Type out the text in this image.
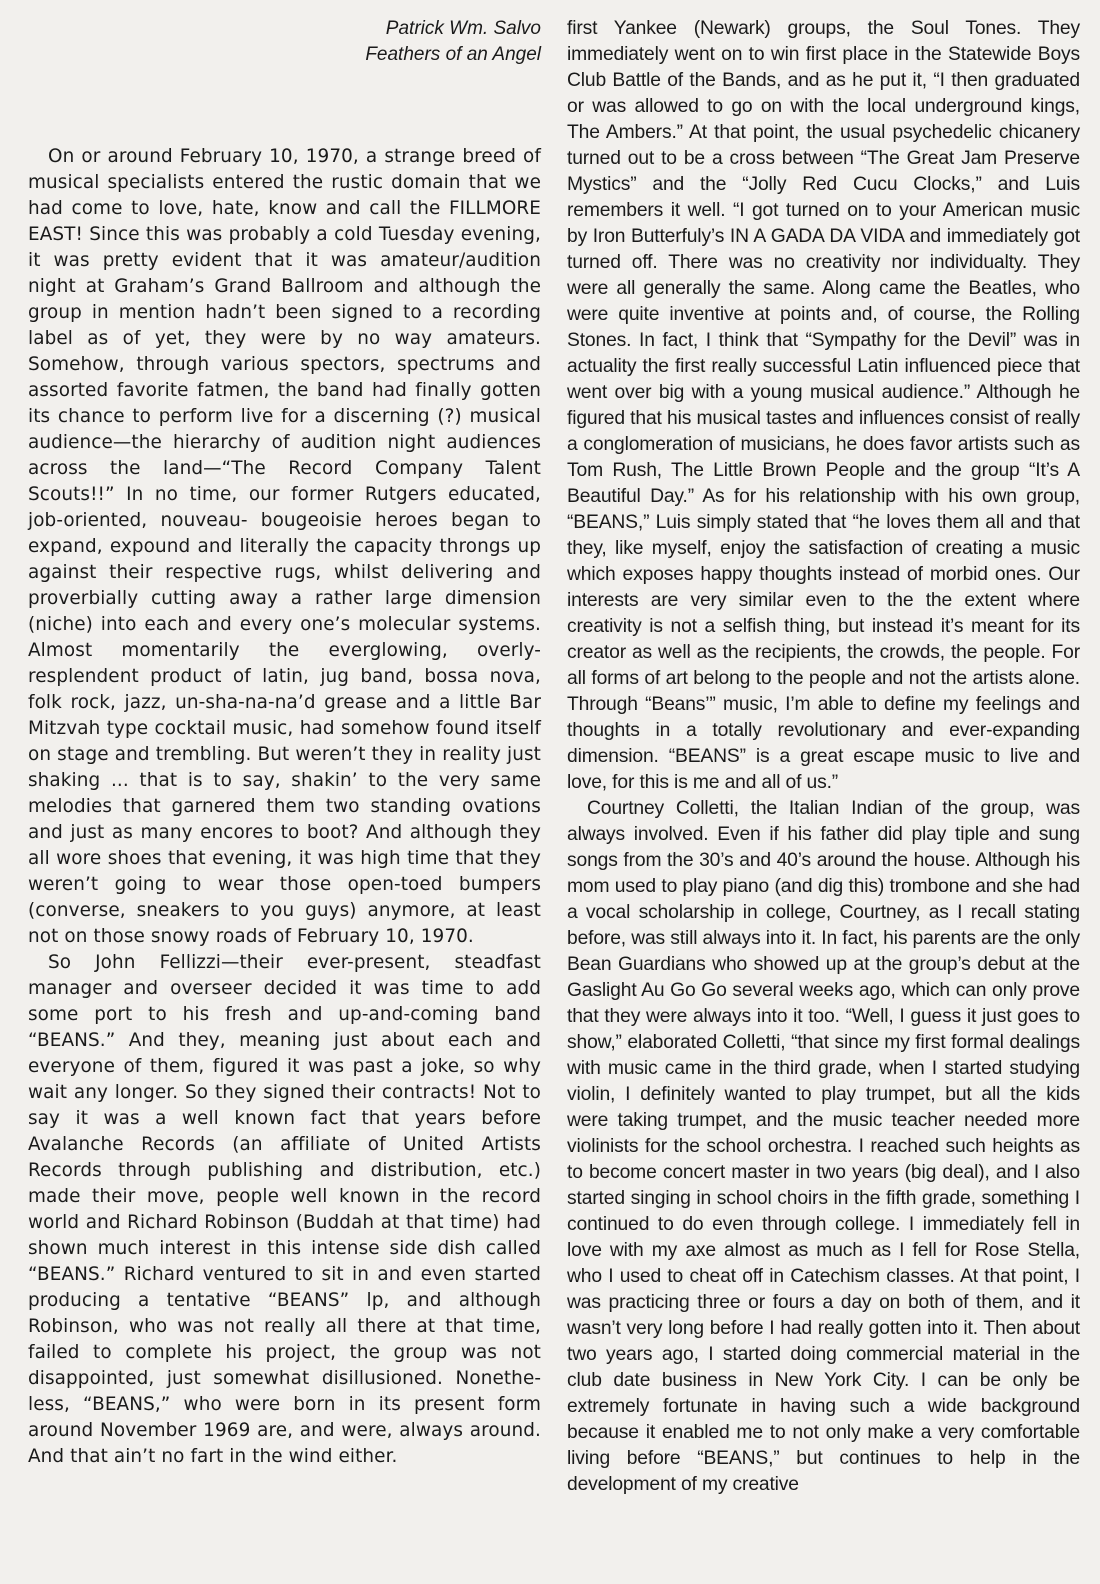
Patrick Wm. Salvo
Feathers of an Angel

On or around February 10, 1970, a strange breed of musical specialists entered the rustic domain that we had come to love, hate, know and call the FILLMORE EAST! Since this was probably a cold Tuesday evening, it was pretty evident that it was amateur/audition night at Graham’s Grand Ballroom and although the group in mention hadn’t been signed to a recording label as of yet, they were by no way amateurs. Somehow, through various spectors, spectrums and assorted favorite fatmen, the band had finally gotten its chance to perform live for a discerning (?) musical audience—the hierarchy of audition night audiences across the land—“The Record Company Talent Scouts!!” In no time, our former Rutgers educated, job-oriented, nouveau- bougeoisie heroes began to expand, expound and literally the capacity throngs up against their respective rugs, whilst delivering and proverbially cutting away a rather large dimension (niche) into each and every one’s molecular systems. Almost momentarily the everglowing, overly-resplendent product of latin, jug band, bossa nova, folk rock, jazz, un-sha-na-na’d grease and a little Bar Mitzvah type cocktail music, had somehow found itself on stage and trembling. But weren’t they in reality just shaking ... that is to say, shakin’ to the very same melodies that garnered them two standing ovations and just as many encores to boot? And although they all wore shoes that evening, it was high time that they weren’t going to wear those open-toed bumpers (converse, sneakers to you guys) anymore, at least not on those snowy roads of February 10, 1970.

So John Fellizzi—their ever-present, steadfast manager and overseer decided it was time to add some port to his fresh and up-and-coming band “BEANS.” And they, meaning just about each and everyone of them, figured it was past a joke, so why wait any longer. So they signed their contracts! Not to say it was a well known fact that years before Avalanche Records (an affiliate of United Artists Records through publishing and distribution, etc.) made their move, people well known in the record world and Richard Robinson (Buddah at that time) had shown much interest in this intense side dish called “BEANS.” Richard ventured to sit in and even started producing a tentative “BEANS” lp, and although Robinson, who was not really all there at that time, failed to complete his project, the group was not disappointed, just somewhat disillusioned. Nonetheless, “BEANS,” who were born in its present form around November 1969 are, and were, always around. And that ain’t no fart in the wind either.

first Yankee (Newark) groups, the Soul Tones. They immediately went on to win first place in the Statewide Boys Club Battle of the Bands, and as he put it, “I then graduated or was allowed to go on with the local underground kings, The Ambers.” At that point, the usual psychedelic chicanery turned out to be a cross between “The Great Jam Preserve Mystics” and the “Jolly Red Cucu Clocks,” and Luis remembers it well. “I got turned on to your American music by Iron Butterfuly’s IN A GADA DA VIDA and immediately got turned off. There was no creativity nor individualty. They were all generally the same. Along came the Beatles, who were quite inventive at points and, of course, the Rolling Stones. In fact, I think that “Sympathy for the Devil” was in actuality the first really successful Latin influenced piece that went over big with a young musical audience.” Although he figured that his musical tastes and influences consist of really a conglomeration of musicians, he does favor artists such as Tom Rush, The Little Brown People and the group “It’s A Beautiful Day.” As for his relationship with his own group, “BEANS,” Luis simply stated that “he loves them all and that they, like myself, enjoy the satisfaction of creating a music which exposes happy thoughts instead of morbid ones. Our interests are very similar even to the the extent where creativity is not a selfish thing, but instead it’s meant for its creator as well as the recipients, the crowds, the people. For all forms of art belong to the people and not the artists alone. Through “Beans’” music, I’m able to define my feelings and thoughts in a totally revolutionary and ever-expanding dimension. “BEANS” is a great escape music to live and love, for this is me and all of us.”

Courtney Colletti, the Italian Indian of the group, was always involved. Even if his father did play tiple and sung songs from the 30’s and 40’s around the house. Although his mom used to play piano (and dig this) trombone and she had a vocal scholarship in college, Courtney, as I recall stating before, was still always into it. In fact, his parents are the only Bean Guardians who showed up at the group’s debut at the Gaslight Au Go Go several weeks ago, which can only prove that they were always into it too. “Well, I guess it just goes to show,” elaborated Colletti, “that since my first formal dealings with music came in the third grade, when I started studying violin, I definitely wanted to play trumpet, but all the kids were taking trumpet, and the music teacher needed more violinists for the school orchestra. I reached such heights as to become concert master in two years (big deal), and I also started singing in school choirs in the fifth grade, something I continued to do even through college. I immediately fell in love with my axe almost as much as I fell for Rose Stella, who I used to cheat off in Catechism classes. At that point, I was practicing three or fours a day on both of them, and it wasn’t very long before I had really gotten into it. Then about two years ago, I started doing commercial material in the club date business in New York City. I can be only be extremely fortunate in having such a wide background because it enabled me to not only make a very comfortable living before “BEANS,” but continues to help in the development of my creative
